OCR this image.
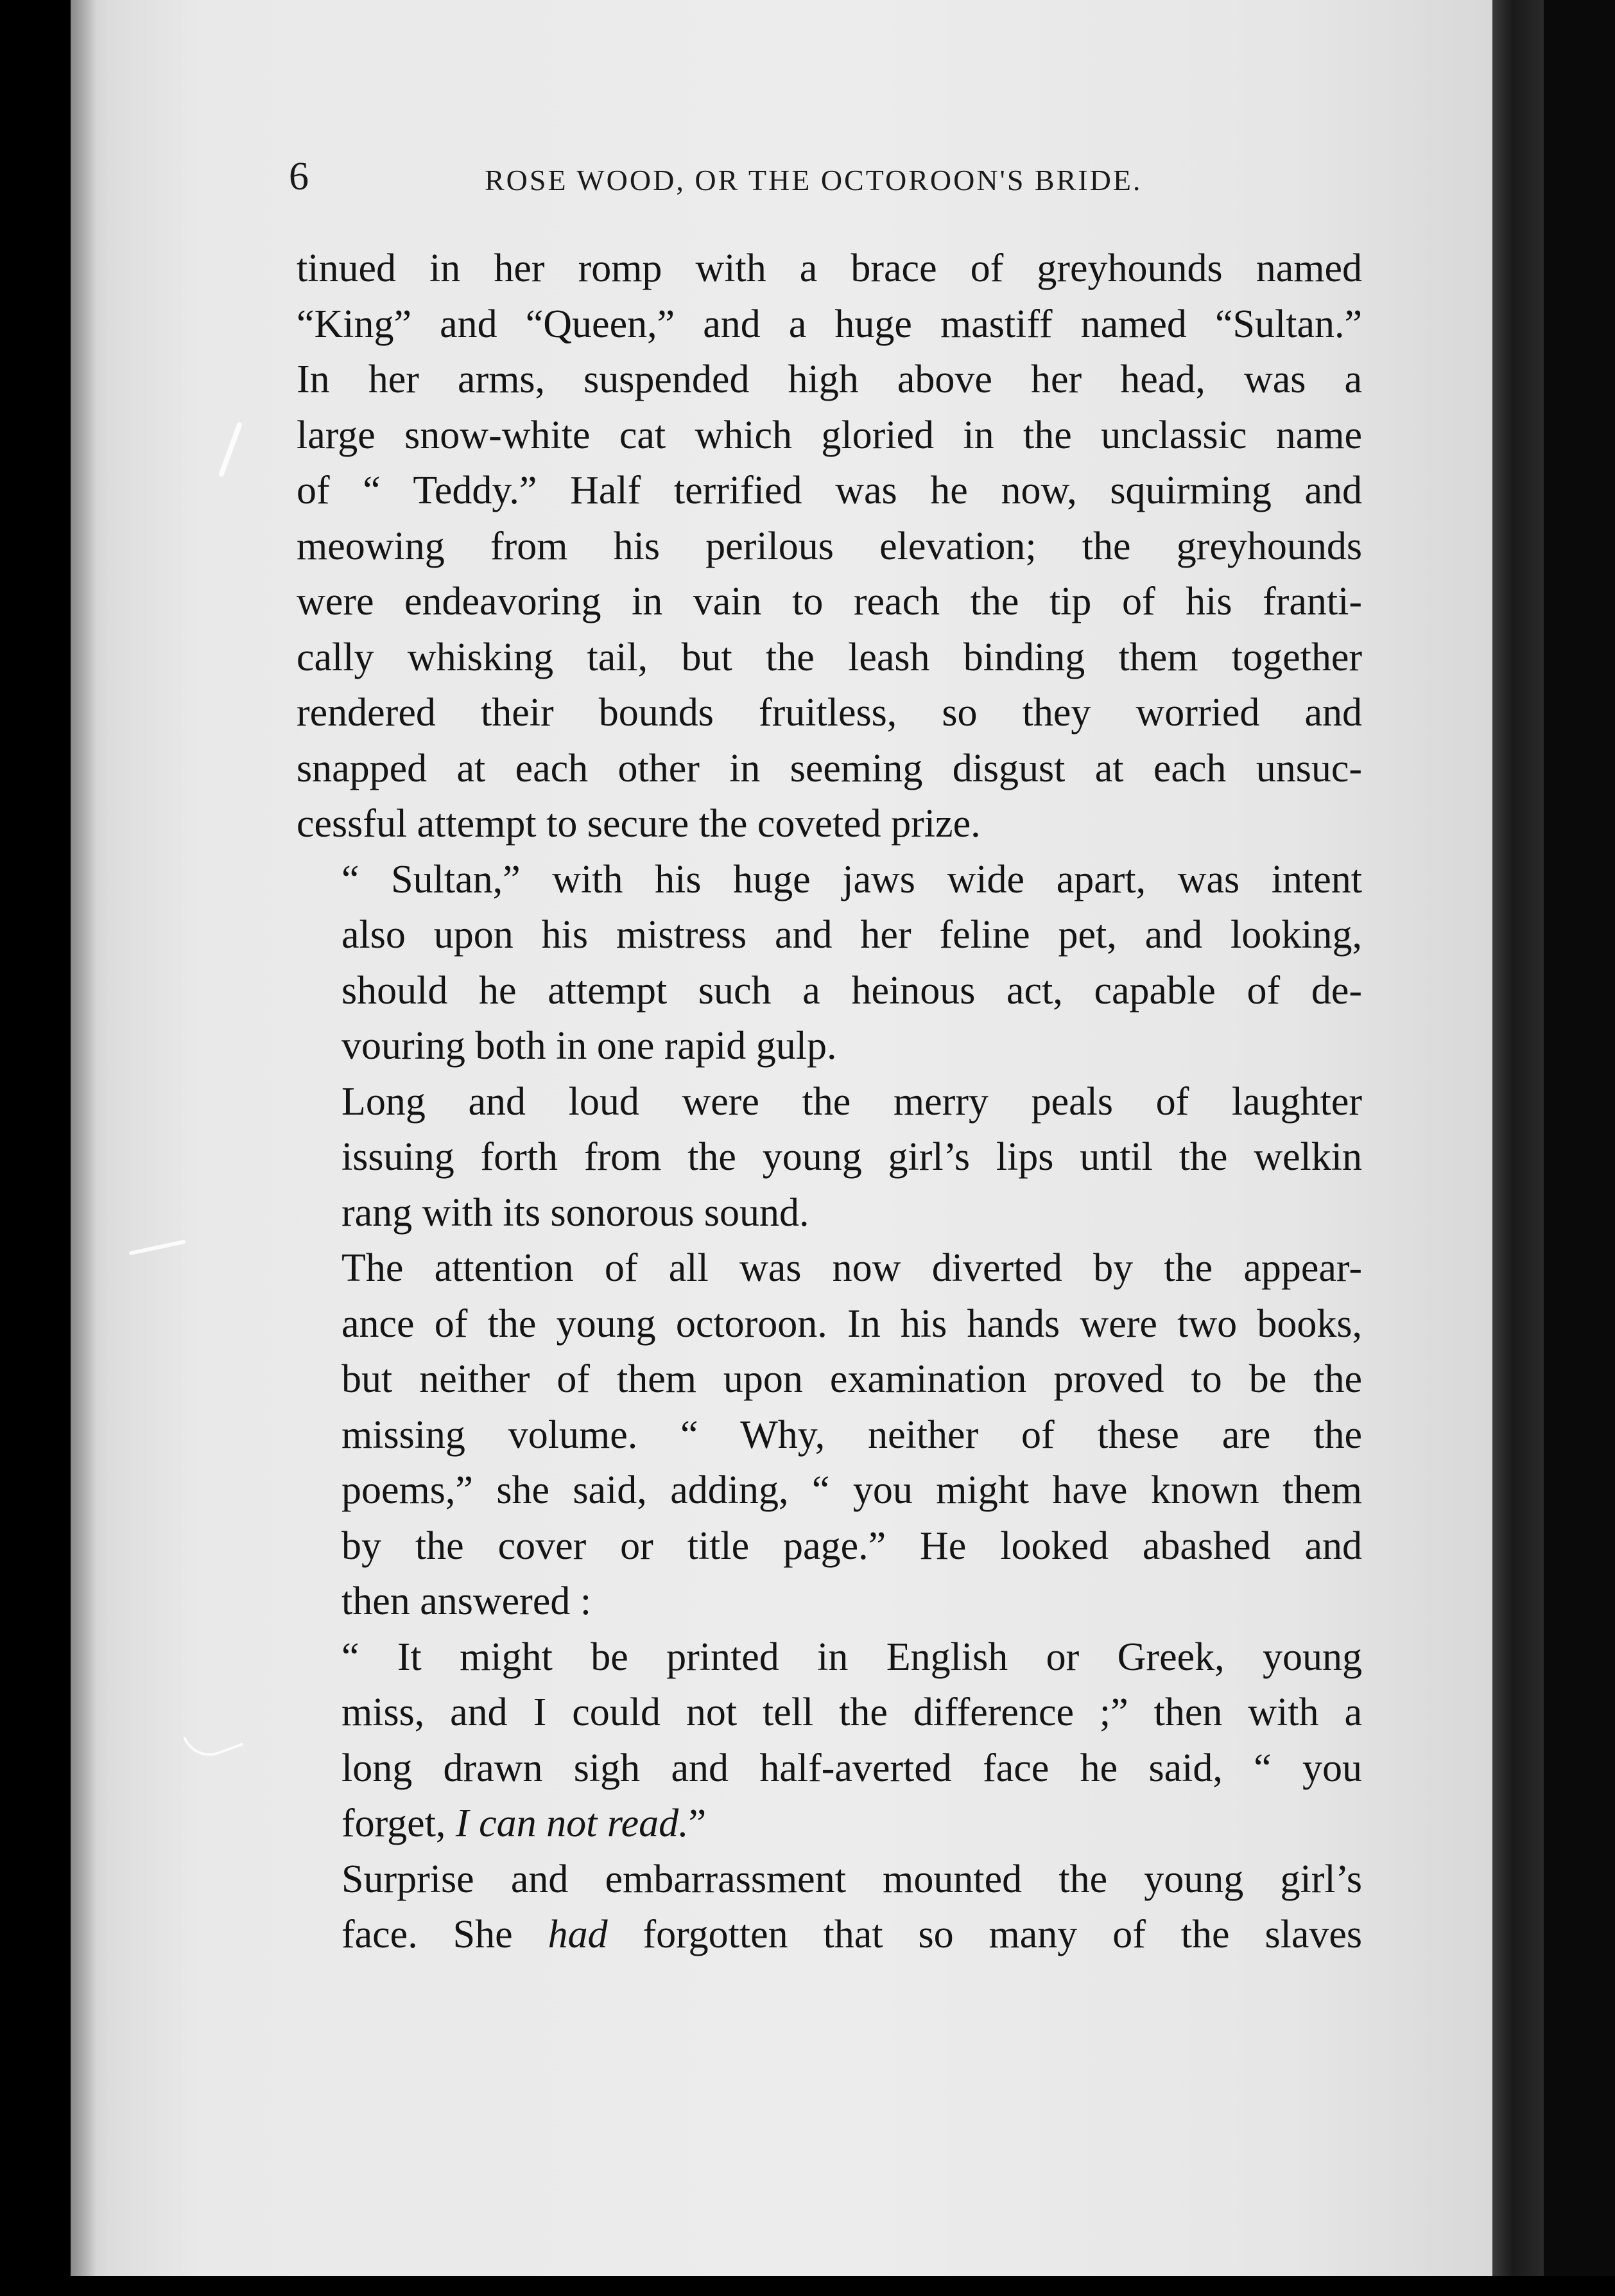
6	ROSE WOOD, OR THE OCTOROON'S BRIDE.
tinued in her romp with a brace of greyhounds named
“King” and “Queen,” and a huge mastiff named “Sultan.”
In her arms, suspended high above her head, was a
large snow-white cat which gloried in the unclassic name
of “ Teddy.” Half terrified was he now, squirming and
meowing from his perilous elevation; the greyhounds
were endeavoring in vain to reach the tip of his franti-
cally whisking tail, but the leash binding them together
rendered their bounds fruitless, so they worried and
snapped at each other in seeming disgust at each unsuc-
cessful attempt to secure the coveted prize.
“ Sultan,” with his huge jaws wide apart, was intent
also upon his mistress and her feline pet, and looking,
should he attempt such a heinous act, capable of de-
vouring both in one rapid gulp.
Long and loud were the merry peals of laughter
issuing forth from the young girl’s lips until the welkin
rang with its sonorous sound.
The attention of all was now diverted by the appear-
ance of the young octoroon. In his hands were two books,
but neither of them upon examination proved to be the
missing volume. “ Why, neither of these are the
poems,” she said, adding, “ you might have known them
by the cover or title page.” He looked abashed and
then answered :
“ It might be printed in English or Greek, young
miss, and I could not tell the difference ;” then with a
long drawn sigh and half-averted face he said, “ you
forget, I can not read.”
Surprise and embarrassment mounted the young girl’s
face. She had forgotten that so many of the slaves
